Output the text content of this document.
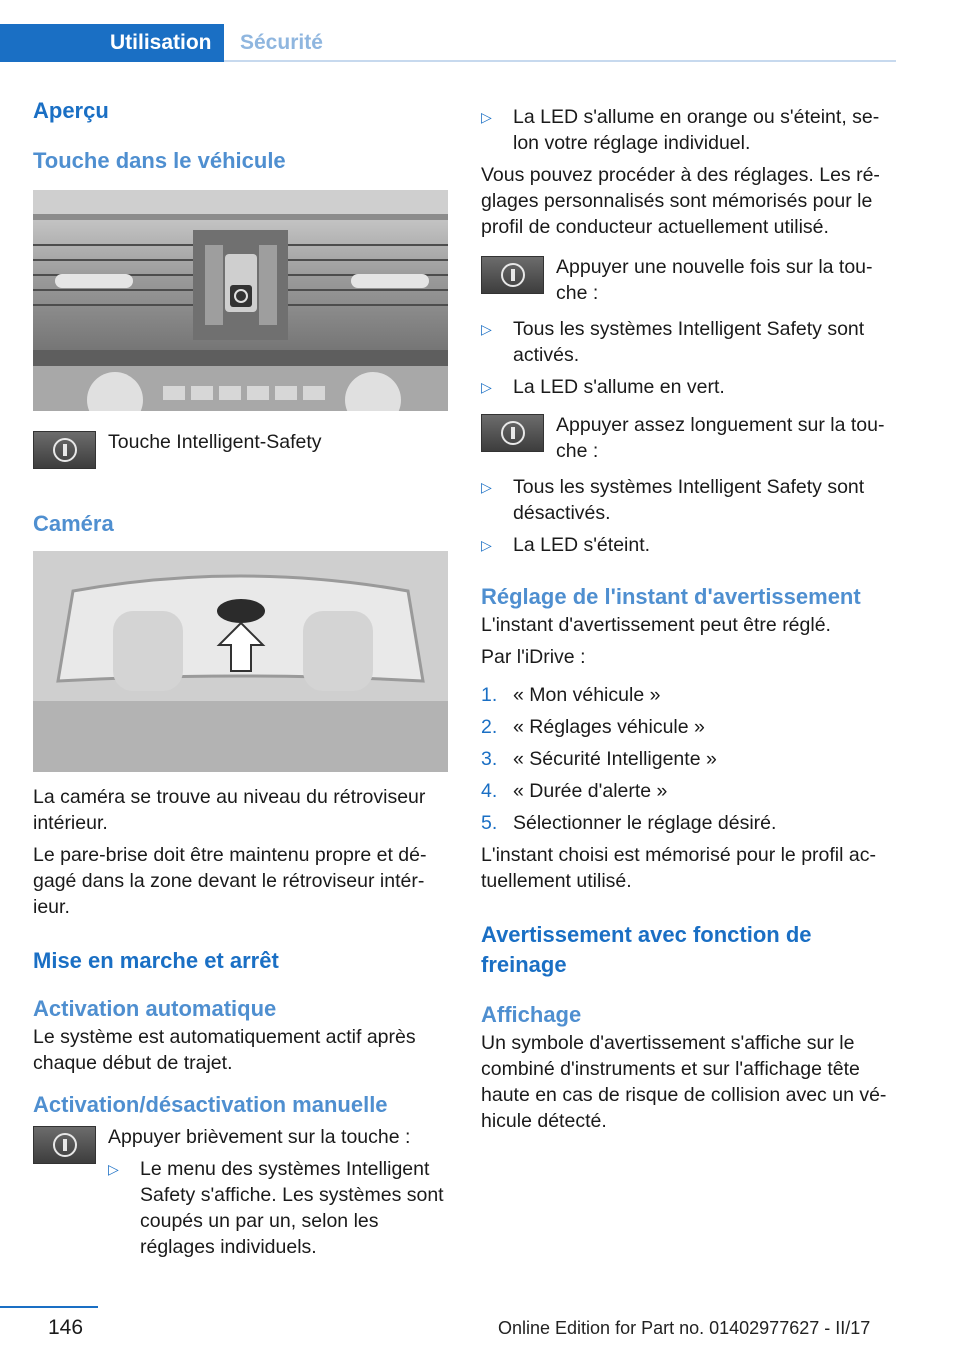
Utilisation	Sécurité
Aperçu
Touche dans le véhicule
Touche Intelligent-Safety
Caméra

La caméra se trouve au niveau du rétroviseur intérieur.

Le pare-brise doit être maintenu propre et dé-gagé dans la zone devant le rétroviseur intér-ieur.

Mise en marche et arrêt
Activation automatique

Le système est automatiquement actif après chaque début de trajet.

Activation/désactivation manuelle

Appuyer brièvement sur la touche :

▷ Le menu des systèmes Intelligent Safety s'affiche. Les systèmes sont coupés un par un, selon les réglages individuels.
▷ La LED s'allume en orange ou s'éteint, se-lon votre réglage individuel.

Vous pouvez procéder à des réglages. Les ré-glages personnalisés sont mémorisés pour le profil de conducteur actuellement utilisé.

Appuyer une nouvelle fois sur la tou-che :
▷ Tous les systèmes Intelligent Safety sont activés.
▷ La LED s'allume en vert.
Appuyer assez longuement sur la tou-che :
▷ Tous les systèmes Intelligent Safety sont désactivés.
▷ La LED s'éteint.
Réglage de l'instant d'avertissement

L'instant d'avertissement peut être réglé.

Par l'iDrive :

1. « Mon véhicule »
2. « Réglages véhicule »
3. « Sécurité Intelligente »
4. « Durée d'alerte »
5. Sélectionner le réglage désiré.

L'instant choisi est mémorisé pour le profil ac-tuellement utilisé.

Avertissement avec fonction de freinage
Affichage

Un symbole d'avertissement s'affiche sur le combiné d'instruments et sur l'affichage tête haute en cas de risque de collision avec un vé-hicule détecté.

146	Online Edition for Part no. 01402977627 - II/17
